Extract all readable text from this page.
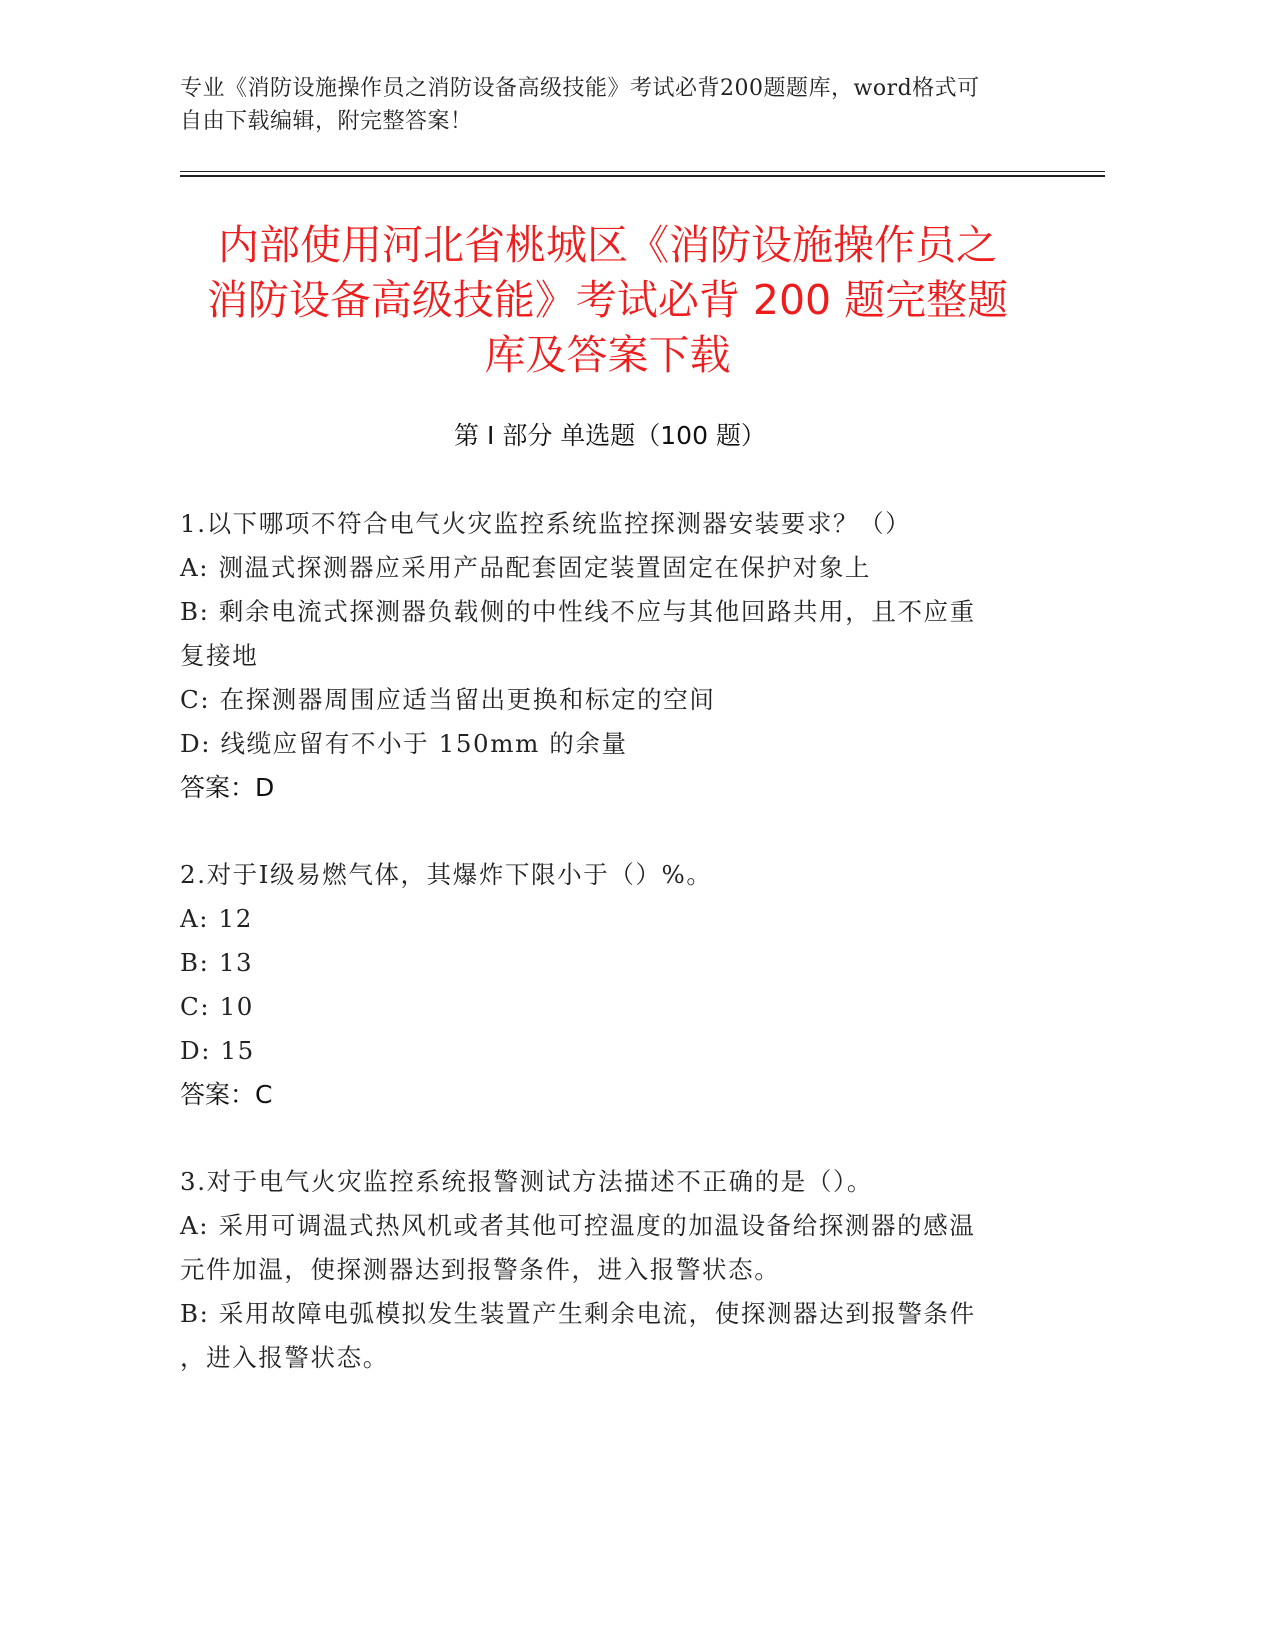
专业《消防设施操作员之消防设备高级技能》考试必背200题题库，word格式可
自由下载编辑，附完整答案！
内部使用河北省桃城区《消防设施操作员之
消防设备高级技能》考试必背 200 题完整题
库及答案下载
第 I 部分 单选题（100 题）
1.以下哪项不符合电气火灾监控系统监控探测器安装要求？（）
A: 测温式探测器应采用产品配套固定装置固定在保护对象上
B: 剩余电流式探测器负载侧的中性线不应与其他回路共用，且不应重
复接地
C: 在探测器周围应适当留出更换和标定的空间
D: 线缆应留有不小于 150mm 的余量
答案：D
2.对于Ⅰ级易燃气体，其爆炸下限小于（）%。
A: 12
B: 13
C: 10
D: 15
答案：C
3.对于电气火灾监控系统报警测试方法描述不正确的是（）。
A: 采用可调温式热风机或者其他可控温度的加温设备给探测器的感温
元件加温，使探测器达到报警条件，进入报警状态。
B: 采用故障电弧模拟发生装置产生剩余电流，使探测器达到报警条件
，进入报警状态。
